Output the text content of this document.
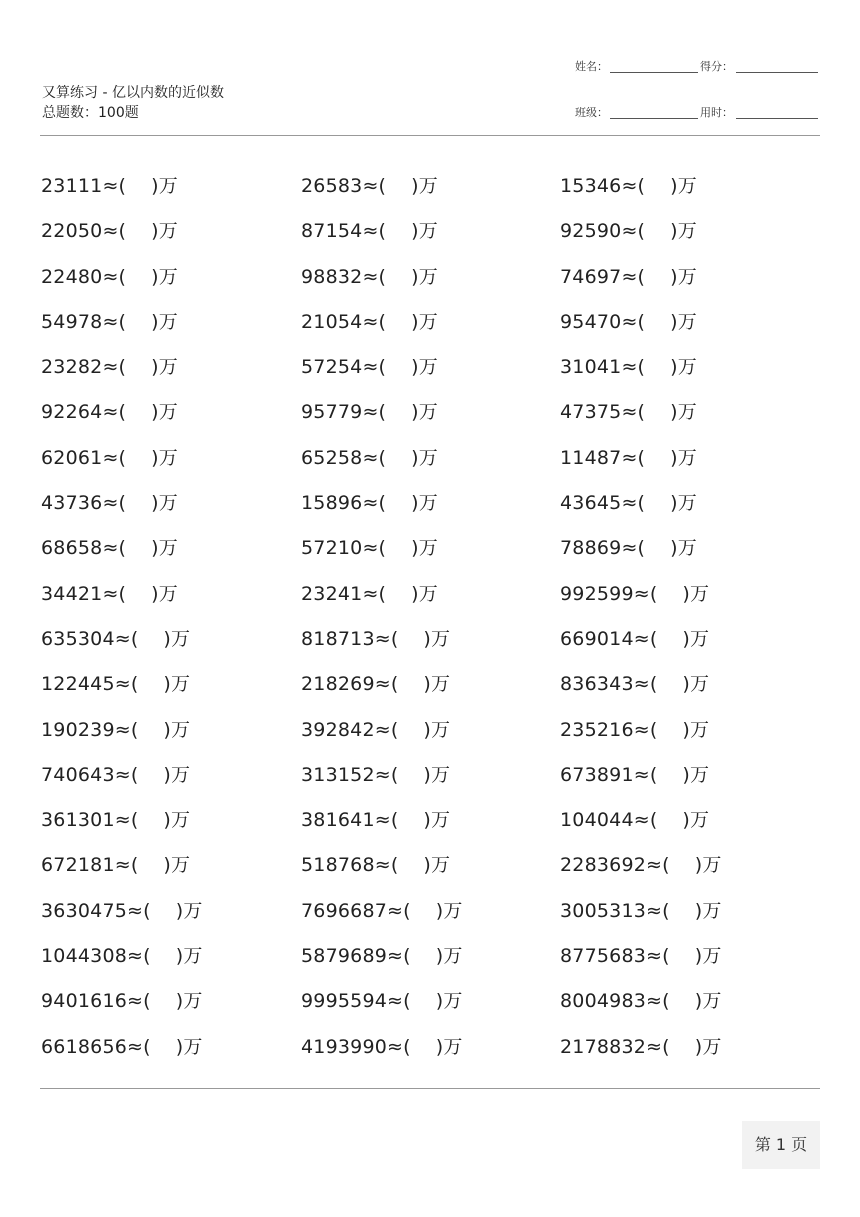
又算练习 - 亿以内数的近似数
总题数：100题
姓名：	得分：
班级：	用时：
23111≈(    )万	26583≈(    )万	15346≈(    )万
22050≈(    )万	87154≈(    )万	92590≈(    )万
22480≈(    )万	98832≈(    )万	74697≈(    )万
54978≈(    )万	21054≈(    )万	95470≈(    )万
23282≈(    )万	57254≈(    )万	31041≈(    )万
92264≈(    )万	95779≈(    )万	47375≈(    )万
62061≈(    )万	65258≈(    )万	11487≈(    )万
43736≈(    )万	15896≈(    )万	43645≈(    )万
68658≈(    )万	57210≈(    )万	78869≈(    )万
34421≈(    )万	23241≈(    )万	992599≈(    )万
635304≈(    )万	818713≈(    )万	669014≈(    )万
122445≈(    )万	218269≈(    )万	836343≈(    )万
190239≈(    )万	392842≈(    )万	235216≈(    )万
740643≈(    )万	313152≈(    )万	673891≈(    )万
361301≈(    )万	381641≈(    )万	104044≈(    )万
672181≈(    )万	518768≈(    )万	2283692≈(    )万
3630475≈(    )万	7696687≈(    )万	3005313≈(    )万
1044308≈(    )万	5879689≈(    )万	8775683≈(    )万
9401616≈(    )万	9995594≈(    )万	8004983≈(    )万
6618656≈(    )万	4193990≈(    )万	2178832≈(    )万
第 1 页
